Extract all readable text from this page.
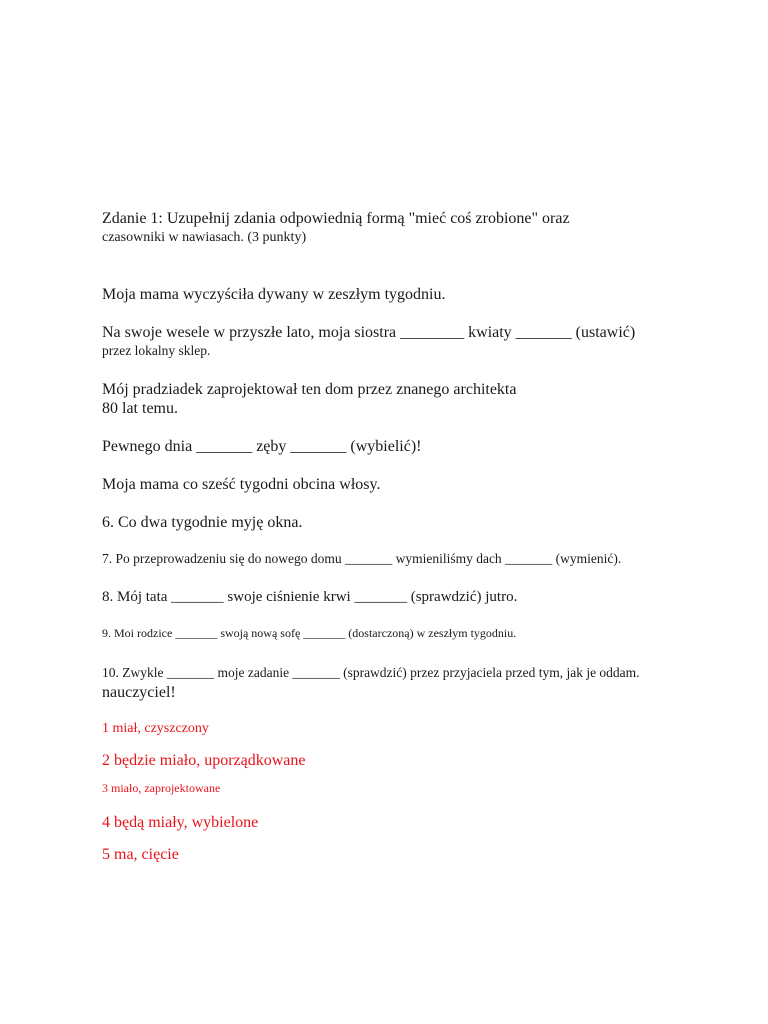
Zdanie 1: Uzupełnij zdania odpowiednią formą "mieć coś zrobione" oraz

czasowniki w nawiasach. (3 punkty)

Moja mama wyczyściła dywany w zeszłym tygodniu.

Na swoje wesele w przyszłe lato, moja siostra ________ kwiaty _______ (ustawić)

przez lokalny sklep.

Mój pradziadek zaprojektował ten dom przez znanego architekta

80 lat temu.

Pewnego dnia _______ zęby _______ (wybielić)!

Moja mama co sześć tygodni obcina włosy.

6. Co dwa tygodnie myję okna.

7. Po przeprowadzeniu się do nowego domu _______ wymieniliśmy dach _______ (wymienić).

8. Mój tata _______ swoje ciśnienie krwi _______ (sprawdzić) jutro.

9. Moi rodzice _______ swoją nową sofę _______ (dostarczoną) w zeszłym tygodniu.

10. Zwykle _______ moje zadanie _______ (sprawdzić) przez przyjaciela przed tym, jak je oddam.

nauczyciel!

1 miał, czyszczony

2 będzie miało, uporządkowane

3 miało, zaprojektowane

4 będą miały, wybielone

5 ma, cięcie
